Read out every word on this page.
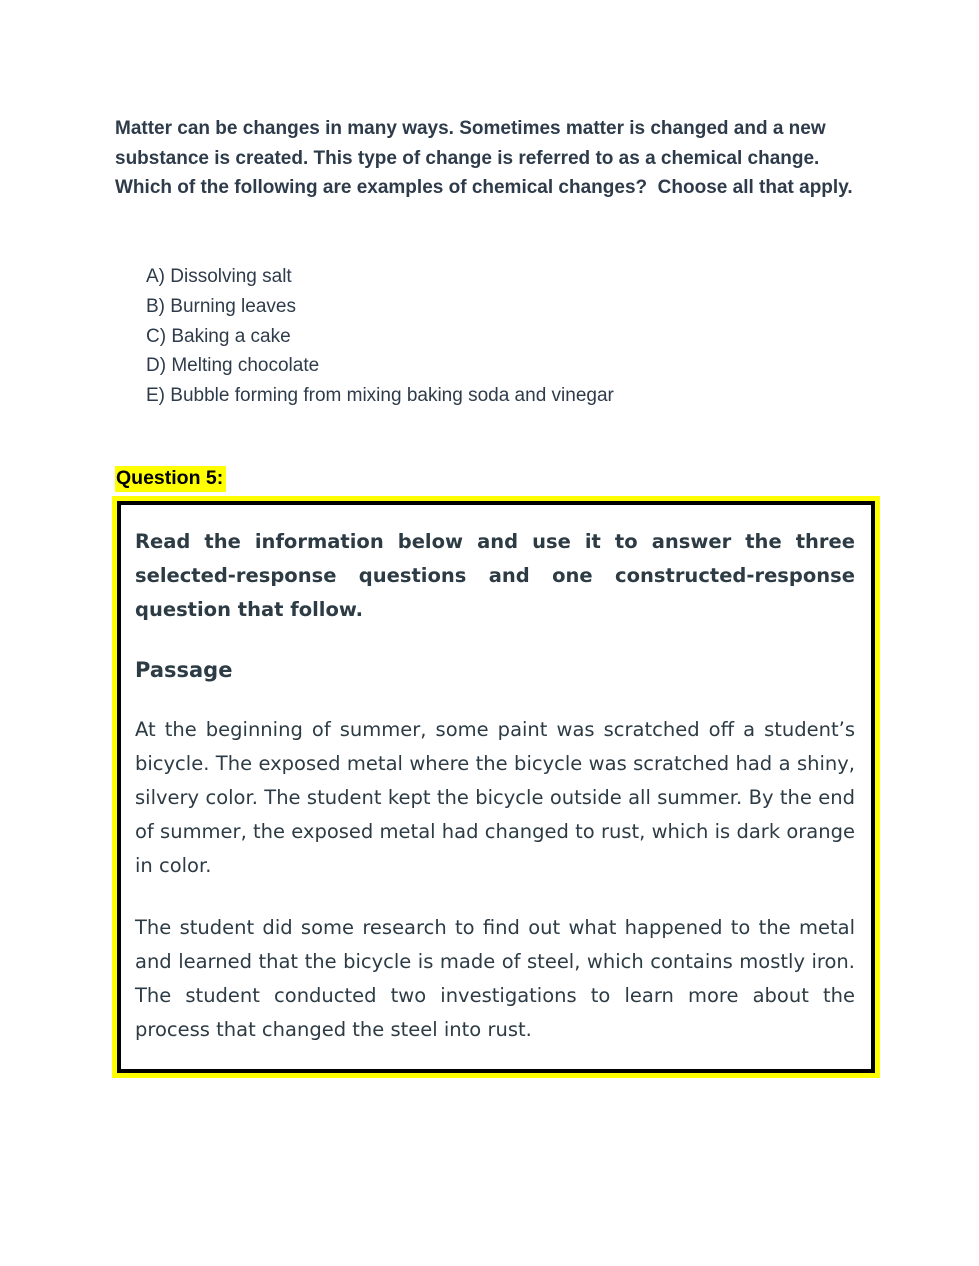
Matter can be changes in many ways. Sometimes matter is changed and a new substance is created. This type of change is referred to as a chemical change. Which of the following are examples of chemical changes?  Choose all that apply.
A) Dissolving salt
B) Burning leaves
C) Baking a cake
D) Melting chocolate
E) Bubble forming from mixing baking soda and vinegar
Question 5:

Read the information below and use it to answer the three selected-response questions and one constructed-response question that follow.

Passage

At the beginning of summer, some paint was scratched off a student’s bicycle. The exposed metal where the bicycle was scratched had a shiny, silvery color. The student kept the bicycle outside all summer. By the end of summer, the exposed metal had changed to rust, which is dark orange in color.

The student did some research to find out what happened to the metal and learned that the bicycle is made of steel, which contains mostly iron. The student conducted two investigations to learn more about the process that changed the steel into rust.
